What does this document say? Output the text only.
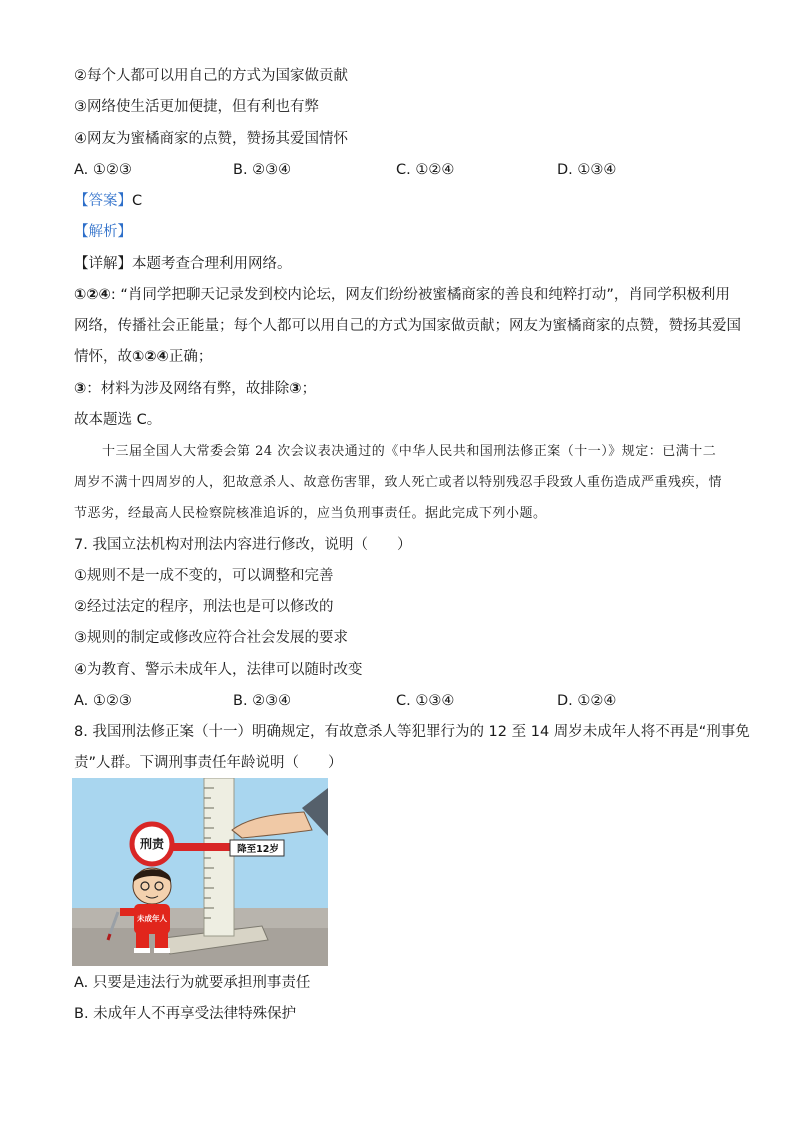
②每个人都可以用自己的方式为国家做贡献
③网络使生活更加便捷，但有利也有弊
④网友为蜜橘商家的点赞，赞扬其爱国情怀
A. ①②③	B. ②③④	C. ①②④	D. ①③④
【答案】C
【解析】
【详解】本题考查合理利用网络。
①②④: “肖同学把聊天记录发到校内论坛，网友们纷纷被蜜橘商家的善良和纯粹打动”，肖同学积极利用
网络，传播社会正能量；每个人都可以用自己的方式为国家做贡献；网友为蜜橘商家的点赞，赞扬其爱国
情怀，故①②④正确；
③：材料为涉及网络有弊，故排除③；
故本题选 C。
十三届全国人大常委会第 24 次会议表决通过的《中华人民共和国刑法修正案（十一）》规定：已满十二周岁不满十四周岁的人，犯故意杀人、故意伤害罪，致人死亡或者以特别残忍手段致人重伤造成严重残疾，情节恶劣，经最高人民检察院核准追诉的，应当负刑事责任。据此完成下列小题。
7. 我国立法机构对刑法内容进行修改，说明（　　）
①规则不是一成不变的，可以调整和完善
②经过法定的程序，刑法也是可以修改的
③规则的制定或修改应符合社会发展的要求
④为教育、警示未成年人，法律可以随时改变
A. ①②③	B. ②③④	C. ①③④	D. ①②④
8. 我国刑法修正案（十一）明确规定，有故意杀人等犯罪行为的 12 至 14 周岁未成年人将不再是“刑事免
责”人群。下调刑事责任年龄说明（　　）
刑责	降至12岁
未成年人
A. 只要是违法行为就要承担刑事责任
B. 未成年人不再享受法律特殊保护
